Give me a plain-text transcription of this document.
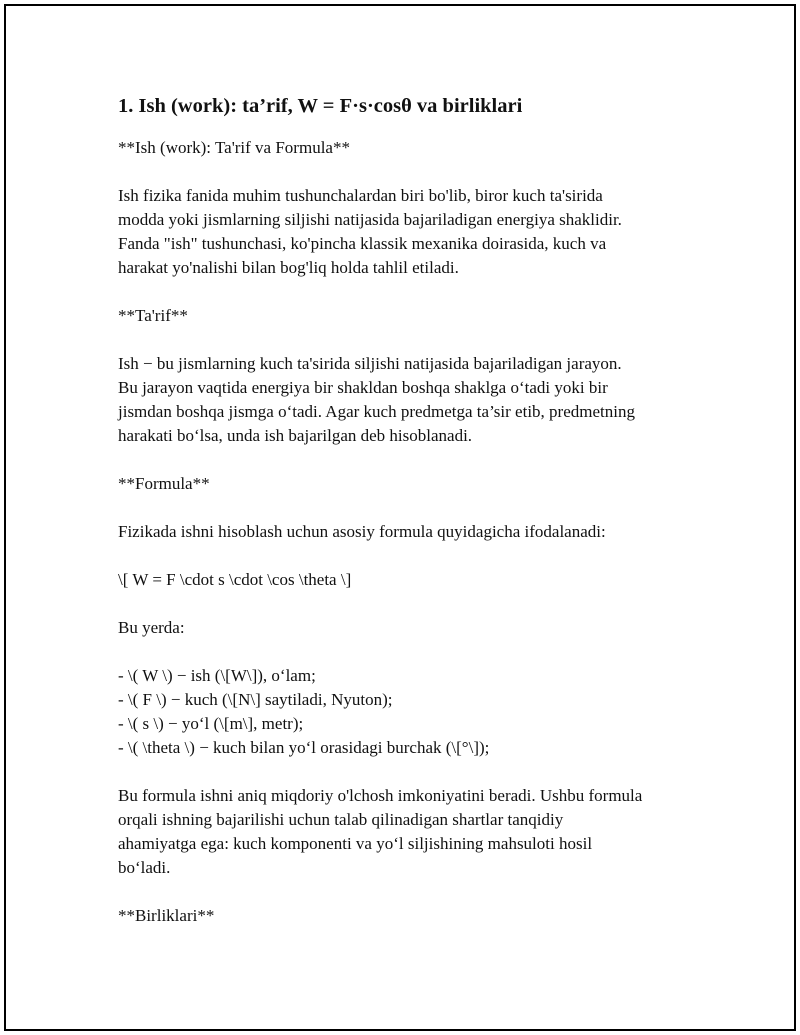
1. Ish (work): ta’rif, W = F·s·cosθ va birliklari
**Ish (work): Ta'rif va Formula**
Ish fizika fanida muhim tushunchalardan biri bo'lib, biror kuch ta'sirida
modda yoki jismlarning siljishi natijasida bajariladigan energiya shaklidir.
Fanda "ish" tushunchasi, ko'pincha klassik mexanika doirasida, kuch va
harakat yo'nalishi bilan bog'liq holda tahlil etiladi.
**Ta'rif**
Ish − bu jismlarning kuch ta'sirida siljishi natijasida bajariladigan jarayon.
Bu jarayon vaqtida energiya bir shakldan boshqa shaklga o‘tadi yoki bir
jismdan boshqa jismga o‘tadi. Agar kuch predmetga ta’sir etib, predmetning
harakati bo‘lsa, unda ish bajarilgan deb hisoblanadi.
**Formula**
Fizikada ishni hisoblash uchun asosiy formula quyidagicha ifodalanadi:
\[ W = F \cdot s \cdot \cos \theta \]
Bu yerda:
- \( W \) − ish (\[W\]), o‘lam;
- \( F \) − kuch (\[N\] saytiladi, Nyuton);
- \( s \) − yo‘l (\[m\], metr);
- \( \theta \) − kuch bilan yo‘l orasidagi burchak (\[°\]);
Bu formula ishni aniq miqdoriy o'lchosh imkoniyatini beradi. Ushbu formula
orqali ishning bajarilishi uchun talab qilinadigan shartlar tanqidiy
ahamiyatga ega: kuch komponenti va yo‘l siljishining mahsuloti hosil
bo‘ladi.
**Birliklari**
